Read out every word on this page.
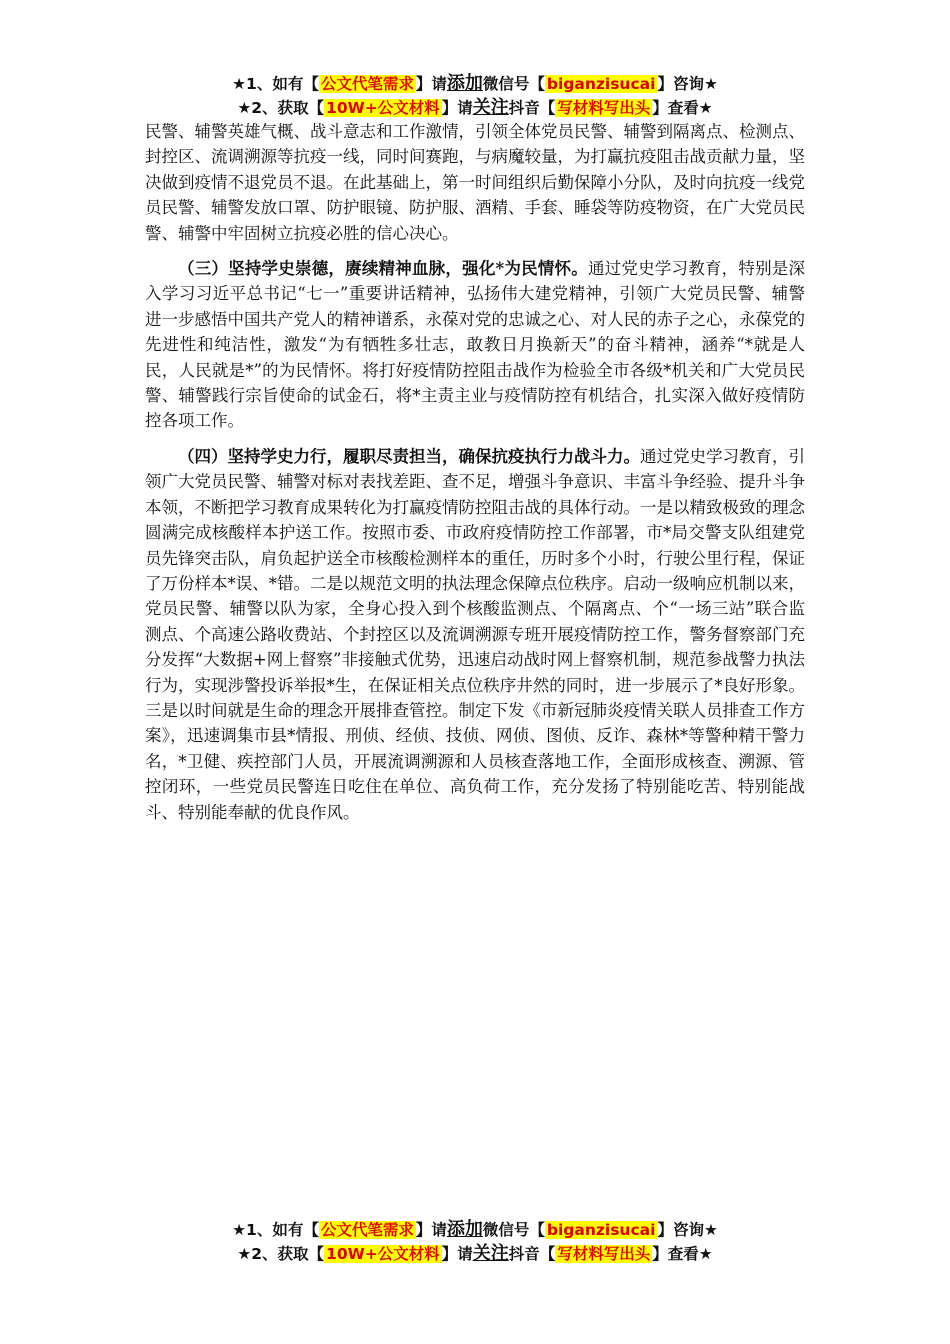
★1、如有【 公文代笔需求 】请添加微信号【 biganzisucai 】咨询★
★2、获取【 10W+公文材料 】请关注抖音【 写材料写出头 】查看★

民警、辅警英雄气概、战斗意志和工作激情，引领全体党员民警、辅警到隔离点、检测点、封控区、流调溯源等抗疫一线，同时间赛跑，与病魔较量，为打赢抗疫阻击战贡献力量，坚决做到疫情不退党员不退。在此基础上，第一时间组织后勤保障小分队，及时向抗疫一线党员民警、辅警发放口罩、防护眼镜、防护服、酒精、手套、睡袋等防疫物资，在广大党员民警、辅警中牢固树立抗疫必胜的信心决心。

（三）坚持学史崇德，赓续精神血脉，强化*为民情怀。通过党史学习教育，特别是深入学习习近平总书记“七一”重要讲话精神，弘扬伟大建党精神，引领广大党员民警、辅警进一步感悟中国共产党人的精神谱系，永葆对党的忠诚之心、对人民的赤子之心，永葆党的先进性和纯洁性，激发“为有牺牲多壮志，敢教日月换新天”的奋斗精神，涵养“*就是人民，人民就是*”的为民情怀。将打好疫情防控阻击战作为检验全市各级*机关和广大党员民警、辅警践行宗旨使命的试金石，将*主责主业与疫情防控有机结合，扎实深入做好疫情防控各项工作。

（四）坚持学史力行，履职尽责担当，确保抗疫执行力战斗力。通过党史学习教育，引领广大党员民警、辅警对标对表找差距、查不足，增强斗争意识、丰富斗争经验、提升斗争本领，不断把学习教育成果转化为打赢疫情防控阻击战的具体行动。一是以精致极致的理念圆满完成核酸样本护送工作。按照市委、市政府疫情防控工作部署，市*局交警支队组建党员先锋突击队，肩负起护送全市核酸检测样本的重任，历时多个小时，行驶公里行程，保证了万份样本*误、*错。二是以规范文明的执法理念保障点位秩序。启动一级响应机制以来，党员民警、辅警以队为家，全身心投入到个核酸监测点、个隔离点、个“一场三站”联合监测点、个高速公路收费站、个封控区以及流调溯源专班开展疫情防控工作，警务督察部门充分发挥“大数据+网上督察”非接触式优势，迅速启动战时网上督察机制，规范参战警力执法行为，实现涉警投诉举报*生，在保证相关点位秩序井然的同时，进一步展示了*良好形象。三是以时间就是生命的理念开展排查管控。制定下发《市新冠肺炎疫情关联人员排查工作方案》，迅速调集市县*情报、刑侦、经侦、技侦、网侦、图侦、反诈、森林*等警种精干警力名，*卫健、疾控部门人员，开展流调溯源和人员核查落地工作，全面形成核查、溯源、管控闭环，一些党员民警连日吃住在单位、高负荷工作，充分发扬了特别能吃苦、特别能战斗、特别能奉献的优良作风。

★1、如有【 公文代笔需求 】请添加微信号【 biganzisucai 】咨询★
★2、获取【 10W+公文材料 】请关注抖音【 写材料写出头 】查看★
